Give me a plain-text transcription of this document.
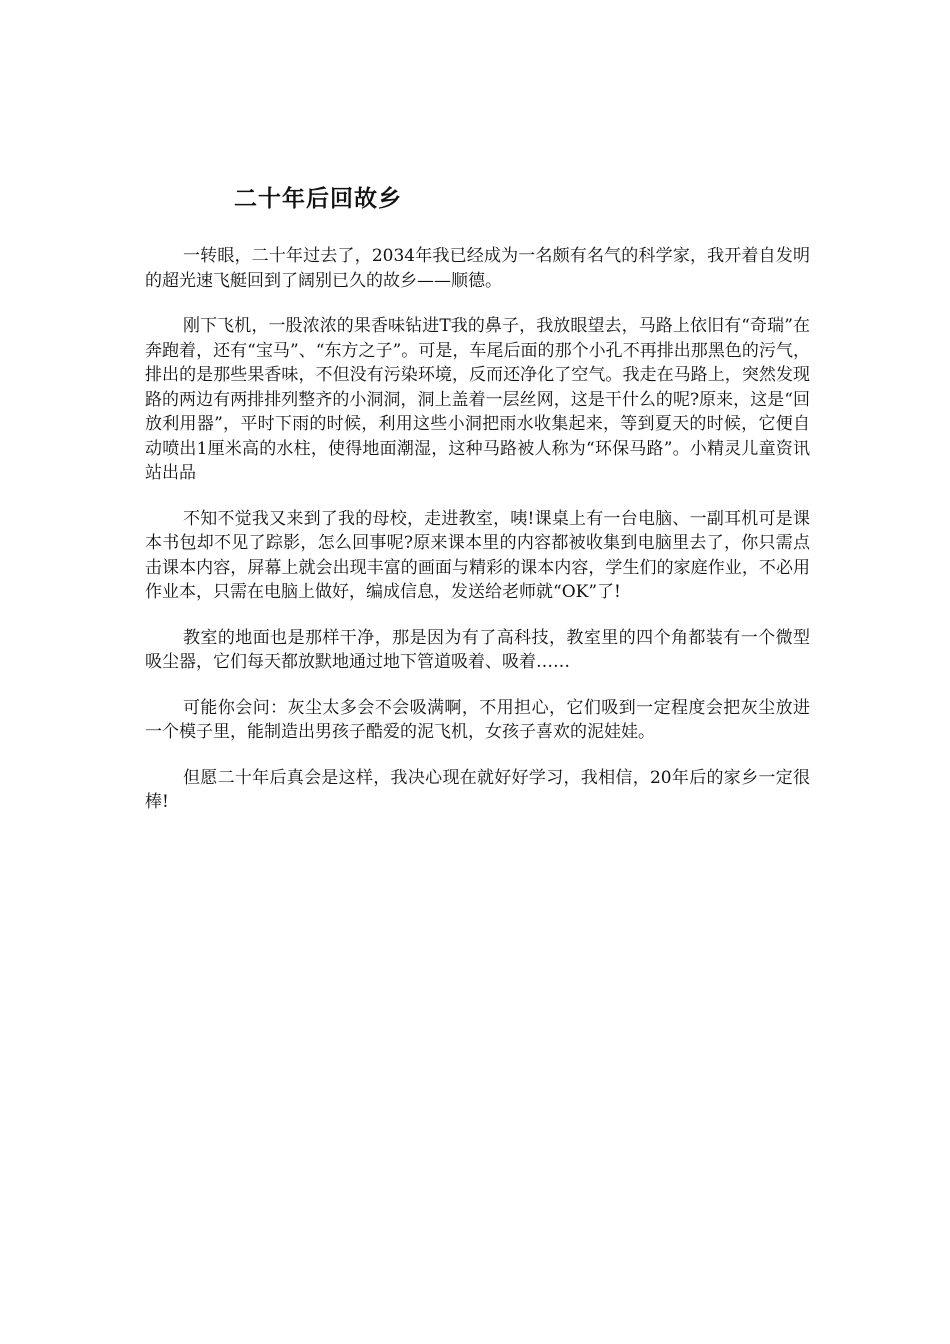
二十年后回故乡

一转眼，二十年过去了，2034年我已经成为一名颇有名气的科学家，我开着自发明的超光速飞艇回到了阔别已久的故乡——顺德。

刚下飞机，一股浓浓的果香味钻进T我的鼻子，我放眼望去，马路上依旧有“奇瑞”在奔跑着，还有“宝马”、“东方之子”。可是，车尾后面的那个小孔不再排出那黑色的污气，排出的是那些果香味，不但没有污染环境，反而还净化了空气。我走在马路上，突然发现路的两边有两排排列整齐的小洞洞，洞上盖着一层丝网，这是干什么的呢?原来，这是“回放利用器”，平时下雨的时候，利用这些小洞把雨水收集起来，等到夏天的时候，它便自动喷出1厘米高的水柱，使得地面潮湿，这种马路被人称为“环保马路”。小精灵儿童资讯站出品

不知不觉我又来到了我的母校，走进教室，咦!课桌上有一台电脑、一副耳机可是课本书包却不见了踪影，怎么回事呢?原来课本里的内容都被收集到电脑里去了，你只需点击课本内容，屏幕上就会出现丰富的画面与精彩的课本内容，学生们的家庭作业，不必用作业本，只需在电脑上做好，编成信息，发送给老师就“OK”了!

教室的地面也是那样干净，那是因为有了高科技，教室里的四个角都装有一个微型吸尘器，它们每天都放默地通过地下管道吸着、吸着……

可能你会问：灰尘太多会不会吸满啊，不用担心，它们吸到一定程度会把灰尘放进一个模子里，能制造出男孩子酷爱的泥飞机，女孩子喜欢的泥娃娃。

但愿二十年后真会是这样，我决心现在就好好学习，我相信，20年后的家乡一定很棒!
